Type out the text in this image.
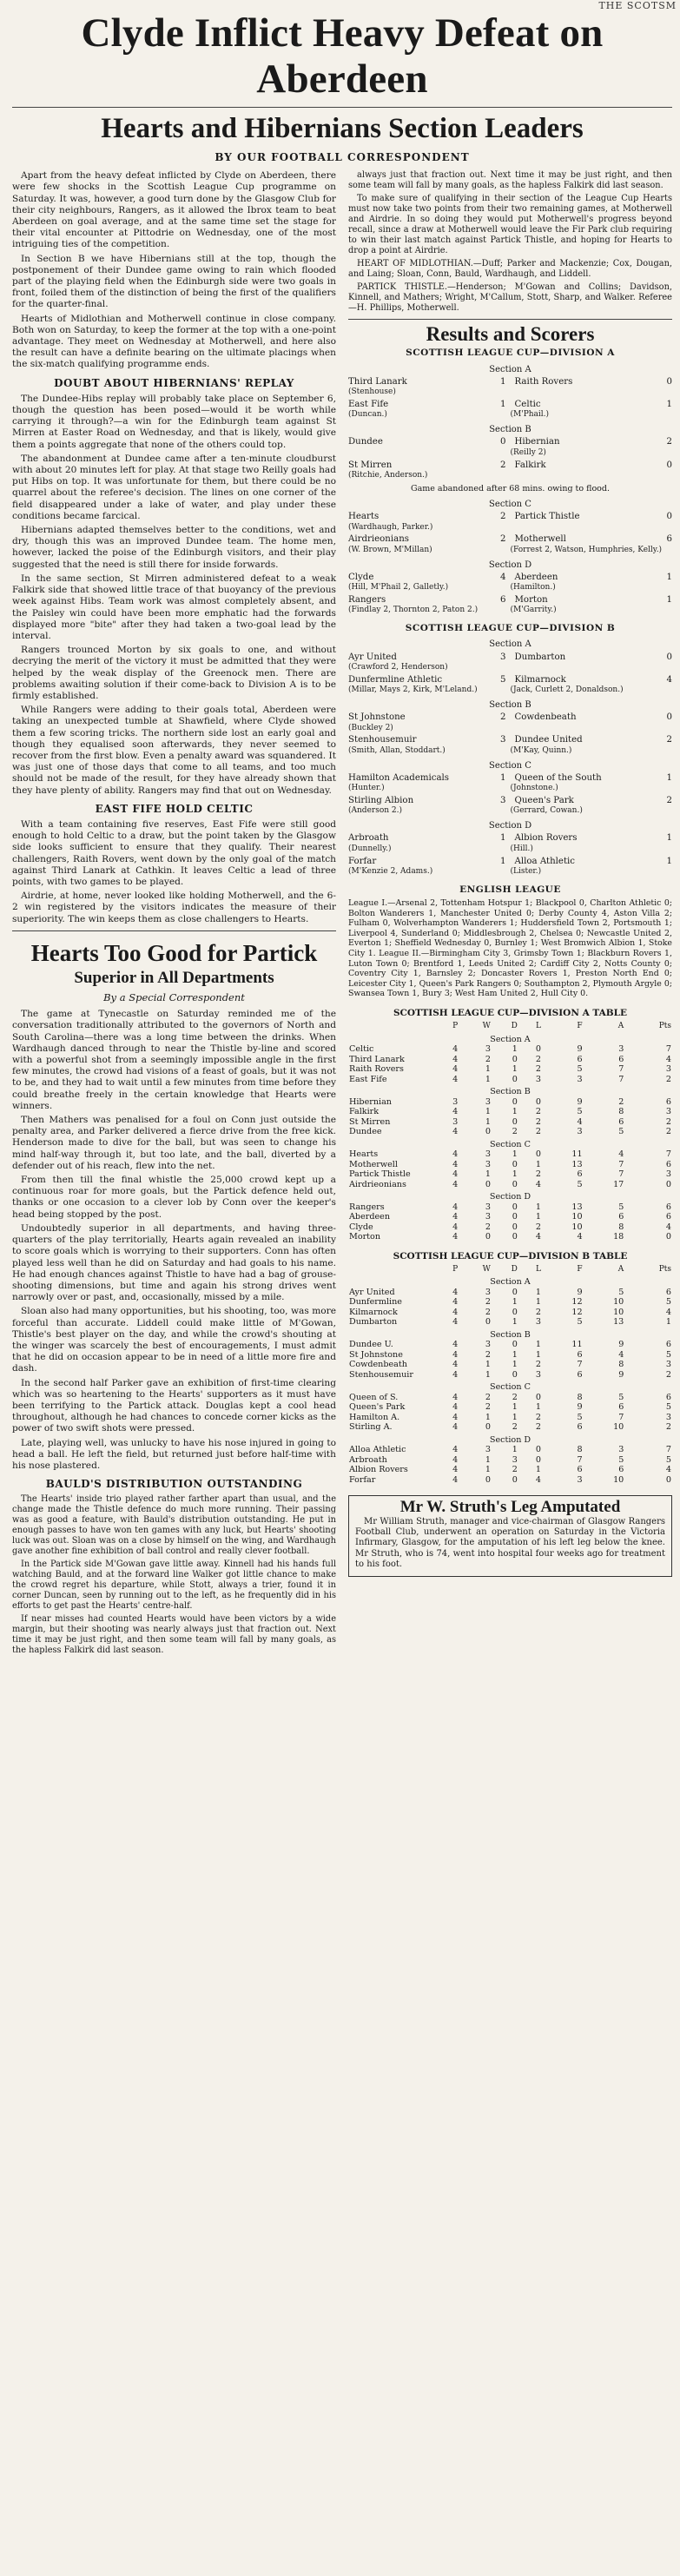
THE SCOTSM
Clyde Inflict Heavy Defeat on Aberdeen
Hearts and Hibernians Section Leaders
BY OUR FOOTBALL CORRESPONDENT

Apart from the heavy defeat inflicted by Clyde on Aberdeen, there were few shocks in the Scottish League Cup programme on Saturday. It was, however, a good turn done by the Glasgow Club for their city neighbours, Rangers, as it allowed the Ibrox team to beat Aberdeen on goal average, and at the same time set the stage for their vital encounter at Pittodrie on Wednesday, one of the most intriguing ties of the competition.

In Section B we have Hibernians still at the top, though the postponement of their Dundee game owing to rain which flooded part of the playing field when the Edinburgh side were two goals in front, foiled them of the distinction of being the first of the qualifiers for the quarter-final.

Hearts of Midlothian and Motherwell continue in close company. Both won on Saturday, to keep the former at the top with a one-point advantage. They meet on Wednesday at Motherwell, and here also the result can have a definite bearing on the ultimate placings when the six-match qualifying programme ends.

DOUBT ABOUT HIBERNIANS' REPLAY

The Dundee-Hibs replay will probably take place on September 6, though the question has been posed—would it be worth while carrying it through?—a win for the Edinburgh team against St Mirren at Easter Road on Wednesday, and that is likely, would give them a points aggregate that none of the others could top.

The abandonment at Dundee came after a ten-minute cloudburst with about 20 minutes left for play. At that stage two Reilly goals had put Hibs on top. It was unfortunate for them, but there could be no quarrel about the referee's decision. The lines on one corner of the field disappeared under a lake of water, and play under these conditions became farcical.

Hibernians adapted themselves better to the conditions, wet and dry, though this was an improved Dundee team. The home men, however, lacked the poise of the Edinburgh visitors, and their play suggested that the need is still there for inside forwards.

In the same section, St Mirren administered defeat to a weak Falkirk side that showed little trace of that buoyancy of the previous week against Hibs. Team work was almost completely absent, and the Paisley win could have been more emphatic had the forwards displayed more "bite" after they had taken a two-goal lead by the interval.

Rangers trounced Morton by six goals to one, and without decrying the merit of the victory it must be admitted that they were helped by the weak display of the Greenock men. There are problems awaiting solution if their come-back to Division A is to be firmly established.

While Rangers were adding to their goals total, Aberdeen were taking an unexpected tumble at Shawfield, where Clyde showed them a few scoring tricks. The northern side lost an early goal and though they equalised soon afterwards, they never seemed to recover from the first blow. Even a penalty award was squandered. It was just one of those days that come to all teams, and too much should not be made of the result, for they have already shown that they have plenty of ability. Rangers may find that out on Wednesday.

EAST FIFE HOLD CELTIC

With a team containing five reserves, East Fife were still good enough to hold Celtic to a draw, but the point taken by the Glasgow side looks sufficient to ensure that they qualify. Their nearest challengers, Raith Rovers, went down by the only goal of the match against Third Lanark at Cathkin. It leaves Celtic a lead of three points, with two games to be played.

Airdrie, at home, never looked like holding Motherwell, and the 6-2 win registered by the visitors indicates the measure of their superiority. The win keeps them as close challengers to Hearts.

Hearts Too Good for Partick
Superior in All Departments
By a Special Correspondent

The game at Tynecastle on Saturday reminded me of the conversation traditionally attributed to the governors of North and South Carolina—there was a long time between the drinks. When Wardhaugh danced through to near the Thistle by-line and scored with a powerful shot from a seemingly impossible angle in the first few minutes, the crowd had visions of a feast of goals, but it was not to be, and they had to wait until a few minutes from time before they could breathe freely in the certain knowledge that Hearts were winners.

Then Mathers was penalised for a foul on Conn just outside the penalty area, and Parker delivered a fierce drive from the free kick. Henderson made to dive for the ball, but was seen to change his mind half-way through it, but too late, and the ball, diverted by a defender out of his reach, flew into the net.

From then till the final whistle the 25,000 crowd kept up a continuous roar for more goals, but the Partick defence held out, thanks or one occasion to a clever lob by Conn over the keeper's head being stopped by the post.

Undoubtedly superior in all departments, and having three-quarters of the play territorially, Hearts again revealed an inability to score goals which is worrying to their supporters. Conn has often played less well than he did on Saturday and had goals to his name. He had enough chances against Thistle to have had a bag of grouse-shooting dimensions, but time and again his strong drives went narrowly over or past, and, occasionally, missed by a mile.

Sloan also had many opportunities, but his shooting, too, was more forceful than accurate. Liddell could make little of M'Gowan, Thistle's best player on the day, and while the crowd's shouting at the winger was scarcely the best of encouragements, I must admit that he did on occasion appear to be in need of a little more fire and dash.

In the second half Parker gave an exhibition of first-time clearing which was so heartening to the Hearts' supporters as it must have been terrifying to the Partick attack. Douglas kept a cool head throughout, although he had chances to concede corner kicks as the power of two swift shots were pressed.

Late, playing well, was unlucky to have his nose injured in going to head a ball. He left the field, but returned just before half-time with his nose plastered.

BAULD'S DISTRIBUTION OUTSTANDING

The Hearts' inside trio played rather farther apart than usual, and the change made the Thistle defence do much more running. Their passing was as good a feature, with Bauld's distribution outstanding. He put in enough passes to have won ten games with any luck, but Hearts' shooting luck was out. Sloan was on a close by himself on the wing, and Wardhaugh gave another fine exhibition of ball control and really clever football.

In the Partick side M'Gowan gave little away. Kinnell had his hands full watching Bauld, and at the forward line Walker got little chance to make the crowd regret his departure, while Stott, always a trier, found it in corner Duncan, seen by running out to the left, as he frequently did in his efforts to get past the Hearts' centre-half.

If near misses had counted Hearts would have been victors by a wide margin, but their shooting was nearly always just that fraction out. Next time it may be just right, and then some team will fall by many goals, as the hapless Falkirk did last season.

always just that fraction out. Next time it may be just right, and then some team will fall by many goals, as the hapless Falkirk did last season.

To make sure of qualifying in their section of the League Cup Hearts must now take two points from their two remaining games, at Motherwell and Airdrie. In so doing they would put Motherwell's progress beyond recall, since a draw at Motherwell would leave the Fir Park club requiring to win their last match against Partick Thistle, and hoping for Hearts to drop a point at Airdrie.

HEART OF MIDLOTHIAN.—Duff; Parker and Mackenzie; Cox, Dougan, and Laing; Sloan, Conn, Bauld, Wardhaugh, and Liddell.

PARTICK THISTLE.—Henderson; M'Gowan and Collins; Davidson, Kinnell, and Mathers; Wright, M'Callum, Stott, Sharp, and Walker. Referee—H. Phillips, Motherwell.

Results and Scorers
SCOTTISH LEAGUE CUP—DIVISION A
Section A
Third Lanark	1 Raith Rovers	0
(Stenhouse)
East Fife	1 Celtic	1
(Duncan.)	(M'Phail.)
Section B
Dundee	0 Hibernian	2
(Reilly 2)
St Mirren	2 Falkirk	0
(Ritchie, Anderson.)
Game abandoned after 68 mins. owing to flood.
Section C
Hearts	2 Partick Thistle	0
(Wardhaugh, Parker.)
Airdrieonians	2 Motherwell	6
(W. Brown, M'Millan)	(Forrest 2, Watson, Humphries, Kelly.)
Section D
Clyde	4 Aberdeen	1
(Hill, M'Phail 2, Galletly.)	(Hamilton.)
Rangers	6 Morton	1
(Findlay 2, Thornton 2, Paton 2.)	(M'Garrity.)
SCOTTISH LEAGUE CUP—DIVISION B
Section A
Ayr United	3 Dumbarton	0
(Crawford 2, Henderson)
Dunfermline Athletic	5 Kilmarnock	4
(Millar, Mays 2, Kirk, M'Leland.)	(Jack, Curlett 2, Donaldson.)
Section B
St Johnstone	2 Cowdenbeath	0
(Buckley 2)
Stenhousemuir	3 Dundee United	2
(Smith, Allan, Stoddart.)	(M'Kay, Quinn.)
Section C
Hamilton Academicals	1 Queen of the South	1
(Hunter.)	(Johnstone.)
Stirling Albion	3 Queen's Park	2
(Anderson 2.)	(Gerrard, Cowan.)
Section D
Arbroath	1 Albion Rovers	1
(Dunnelly.)	(Hill.)
Forfar	1 Alloa Athletic	1
(M'Kenzie 2, Adams.)	(Lister.)
ENGLISH LEAGUE
League I.—Arsenal 2, Tottenham Hotspur 1; Blackpool 0, Charlton Athletic 0; Bolton Wanderers 1, Manchester United 0; Derby County 4, Aston Villa 2; Fulham 0, Wolverhampton Wanderers 1; Huddersfield Town 2, Portsmouth 1; Liverpool 4, Sunderland 0; Middlesbrough 2, Chelsea 0; Newcastle United 2, Everton 1; Sheffield Wednesday 0, Burnley 1; West Bromwich Albion 1, Stoke City 1. League II.—Birmingham City 3, Grimsby Town 1; Blackburn Rovers 1, Luton Town 0; Brentford 1, Leeds United 2; Cardiff City 2, Notts County 0; Coventry City 1, Barnsley 2; Doncaster Rovers 1, Preston North End 0; Leicester City 1, Queen's Park Rangers 0; Southampton 2, Plymouth Argyle 0; Swansea Town 1, Bury 3; West Ham United 2, Hull City 0.
SCOTTISH LEAGUE CUP—DIVISION A TABLE
	P	W	D	L	F	A	Pts
Section A							
Celtic	4	3	1	0	9	3	7
Third Lanark	4	2	0	2	6	6	4
Raith Rovers	4	1	1	2	5	7	3
East Fife	4	1	0	3	3	7	2
Section B							
Hibernian	3	3	0	0	9	2	6
Falkirk	4	1	1	2	5	8	3
St Mirren	3	1	0	2	4	6	2
Dundee	4	0	2	2	3	5	2
Section C							
Hearts	4	3	1	0	11	4	7
Motherwell	4	3	0	1	13	7	6
Partick Thistle	4	1	1	2	6	7	3
Airdrieonians	4	0	0	4	5	17	0
Section D							
Rangers	4	3	0	1	13	5	6
Aberdeen	4	3	0	1	10	6	6
Clyde	4	2	0	2	10	8	4
Morton	4	0	0	4	4	18	0
SCOTTISH LEAGUE CUP—DIVISION B TABLE
	P	W	D	L	F	A	Pts
Section A							
Ayr United	4	3	0	1	9	5	6
Dunfermline	4	2	1	1	12	10	5
Kilmarnock	4	2	0	2	12	10	4
Dumbarton	4	0	1	3	5	13	1
Section B							
Dundee U.	4	3	0	1	11	9	6
St Johnstone	4	2	1	1	6	4	5
Cowdenbeath	4	1	1	2	7	8	3
Stenhousemuir	4	1	0	3	6	9	2
Section C							
Queen of S.	4	2	2	0	8	5	6
Queen's Park	4	2	1	1	9	6	5
Hamilton A.	4	1	1	2	5	7	3
Stirling A.	4	0	2	2	6	10	2
Section D							
Alloa Athletic	4	3	1	0	8	3	7
Arbroath	4	1	3	0	7	5	5
Albion Rovers	4	1	2	1	6	6	4
Forfar	4	0	0	4	3	10	0
Mr W. Struth's Leg Amputated

Mr William Struth, manager and vice-chairman of Glasgow Rangers Football Club, underwent an operation on Saturday in the Victoria Infirmary, Glasgow, for the amputation of his left leg below the knee. Mr Struth, who is 74, went into hospital four weeks ago for treatment to his foot.
